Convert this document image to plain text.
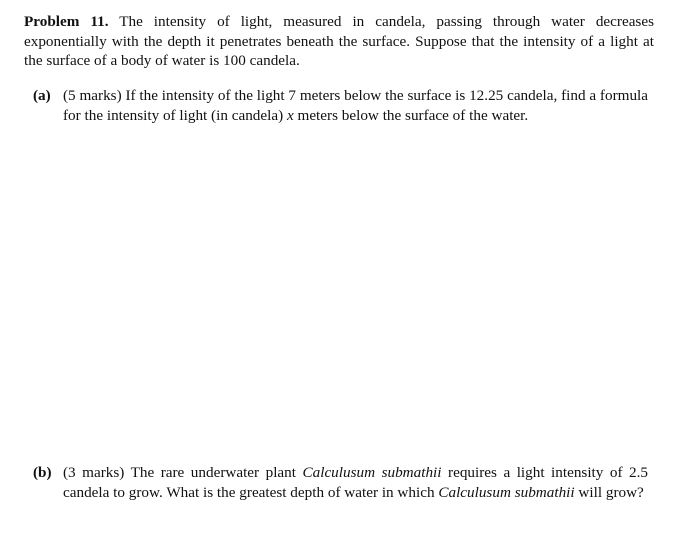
Problem 11. The intensity of light, measured in candela, passing through water decreases exponentially with the depth it penetrates beneath the surface. Suppose that the intensity of a light at the surface of a body of water is 100 candela.
(a) (5 marks) If the intensity of the light 7 meters below the surface is 12.25 candela, find a formula for the intensity of light (in candela) x meters below the surface of the water.
(b) (3 marks) The rare underwater plant Calculusum submathii requires a light intensity of 2.5 candela to grow. What is the greatest depth of water in which Calculusum submathii will grow?
